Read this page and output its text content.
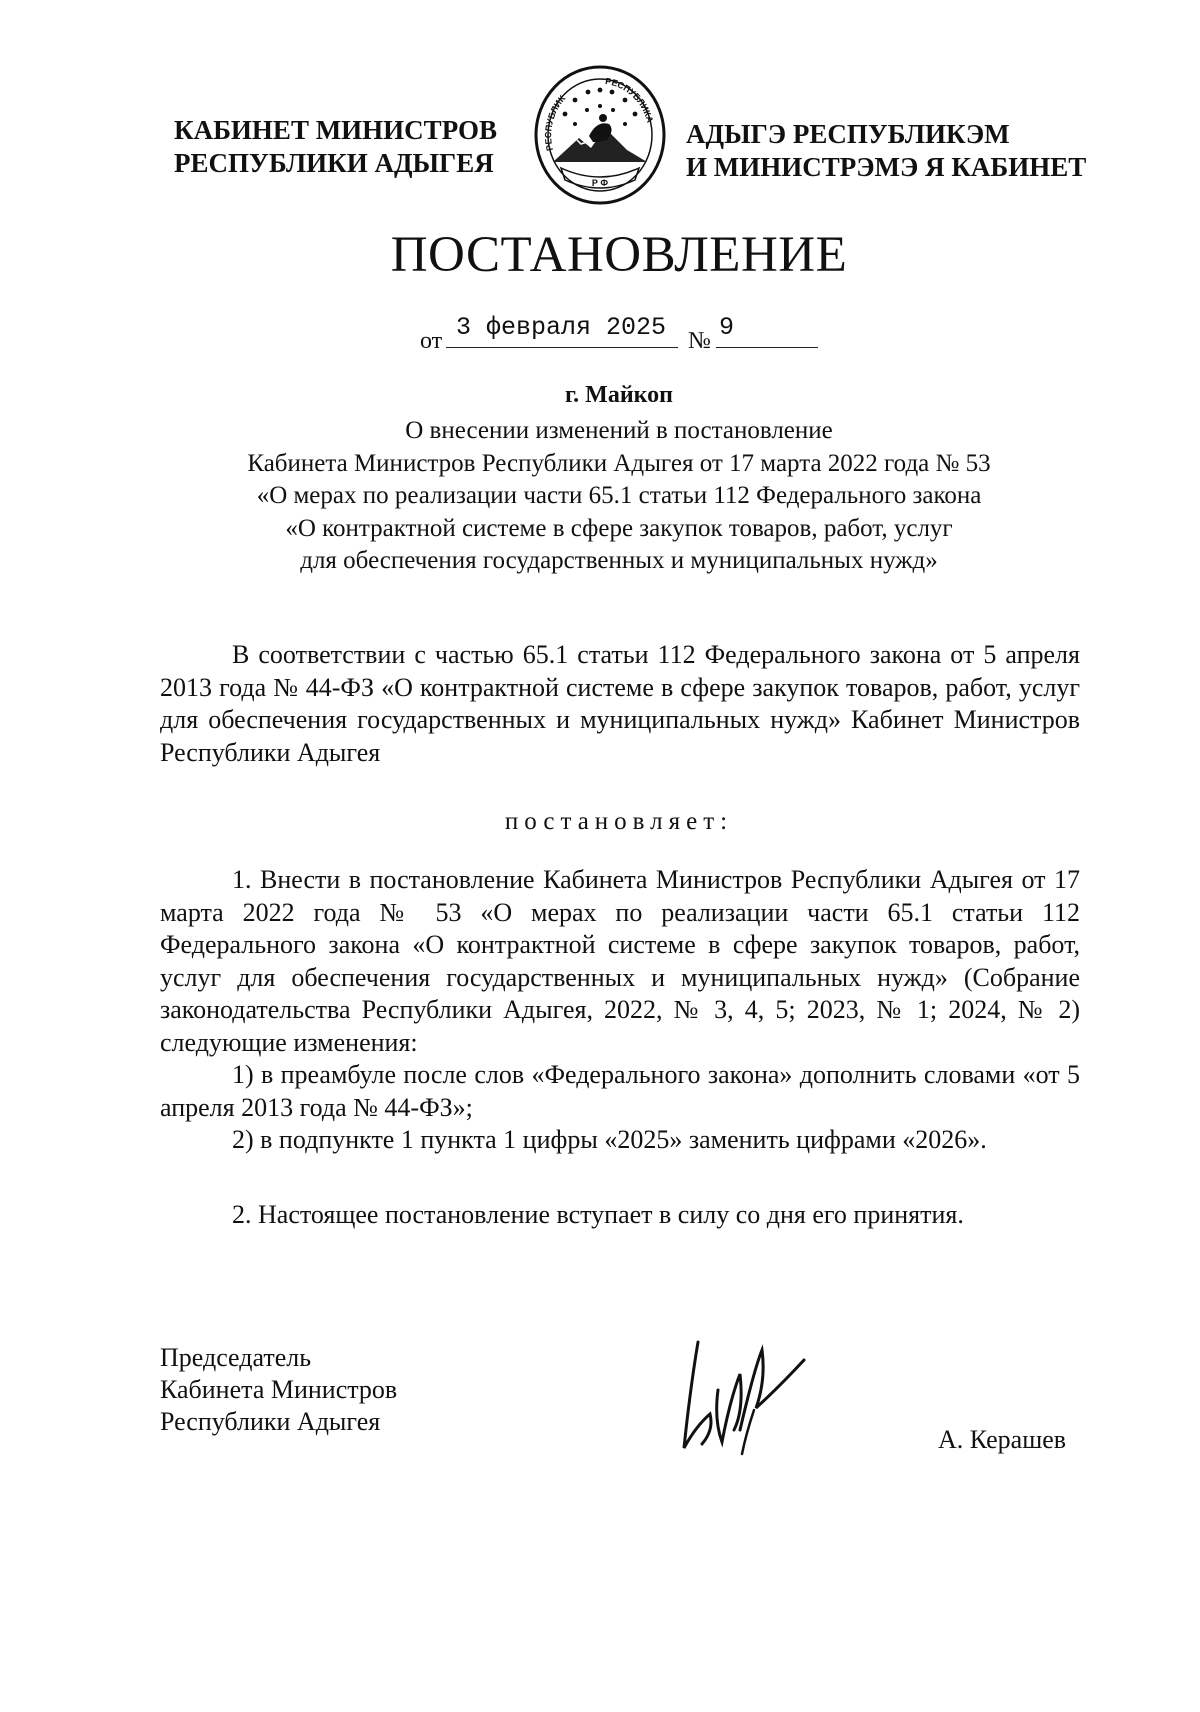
КАБИНЕТ МИНИСТРОВ
РЕСПУБЛИКИ АДЫГЕЯ
РЕСПУБЛИК
РЕСПУБЛИКА
Р Ф
АДЫГЭ РЕСПУБЛИКЭМ
И МИНИСТРЭМЭ Я КАБИНЕТ
ПОСТАНОВЛЕНИЕ
от 3 февраля 2025 № 9
г. Майкоп
О внесении изменений в постановление
Кабинета Министров Республики Адыгея от 17 марта 2022 года № 53
«О мерах по реализации части 65.1 статьи 112 Федерального закона
«О контрактной системе в сфере закупок товаров, работ, услуг
для обеспечения государственных и муниципальных нужд»

В соответствии с частью 65.1 статьи 112 Федерального закона от 5 апреля 2013 года № 44-ФЗ «О контрактной системе в сфере закупок товаров, работ, услуг для обеспечения государственных и муниципальных нужд» Кабинет Министров Республики Адыгея

постановляет:

1. Внести в постановление Кабинета Министров Республики Адыгея от 17 марта 2022 года № 53 «О мерах по реализации части 65.1 статьи 112 Федерального закона «О контрактной системе в сфере закупок товаров, работ, услуг для обеспечения государственных и муниципальных нужд» (Собрание законодательства Республики Адыгея, 2022, № 3, 4, 5; 2023, № 1; 2024, № 2) следующие изменения:

1) в преамбуле после слов «Федерального закона» дополнить словами «от 5 апреля 2013 года № 44-ФЗ»;

2) в подпункте 1 пункта 1 цифры «2025» заменить цифрами «2026».

2. Настоящее постановление вступает в силу со дня его принятия.

Председатель
Кабинета Министров
Республики Адыгея
А. Керашев
